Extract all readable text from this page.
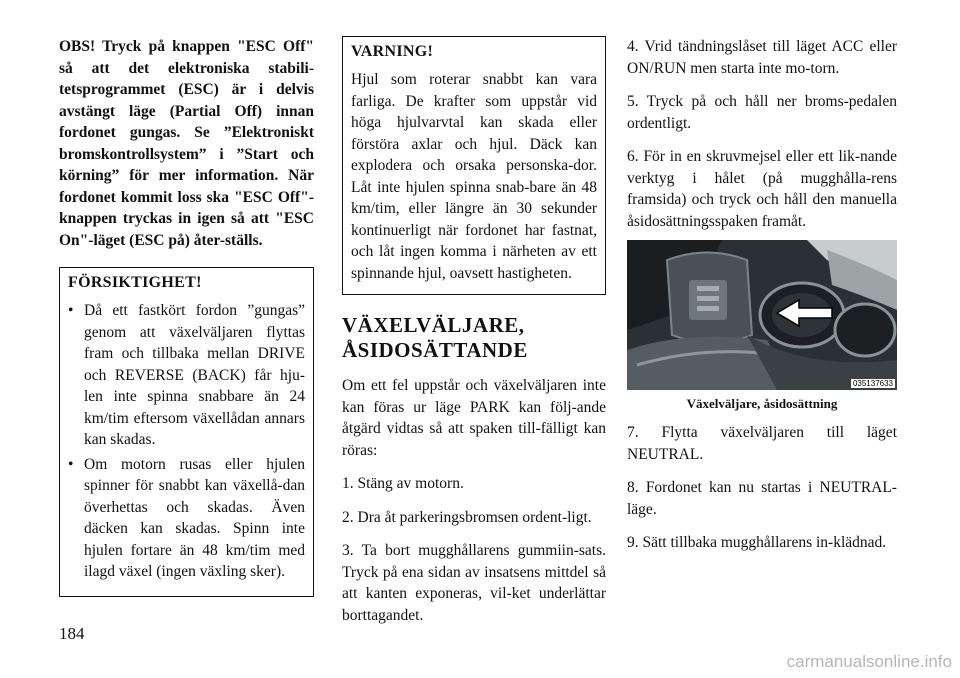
OBS! Tryck på knappen "ESC Off" så att det elektroniska stabili-tetsprogrammet (ESC) är i delvis avstängt läge (Partial Off) innan fordonet gungas. Se ”Elektroniskt bromskontrollsystem” i ”Start och körning” för mer information. När fordonet kommit loss ska "ESC Off"-knappen tryckas in igen så att "ESC On"-läget (ESC på) åter-ställs.

FÖRSIKTIGHET!
• Då ett fastkört fordon ”gungas” genom att växelväljaren flyttas fram och tillbaka mellan DRIVE och REVERSE (BACK) får hju-len inte spinna snabbare än 24 km/tim eftersom växellådan annars kan skadas.
• Om motorn rusas eller hjulen spinner för snabbt kan växellå-dan överhettas och skadas. Även däcken kan skadas. Spinn inte hjulen fortare än 48 km/tim med ilagd växel (ingen växling sker).
VARNING!

Hjul som roterar snabbt kan vara farliga. De krafter som uppstår vid höga hjulvarvtal kan skada eller förstöra axlar och hjul. Däck kan explodera och orsaka personska-dor. Låt inte hjulen spinna snab-bare än 48 km/tim, eller längre än 30 sekunder kontinuerligt när fordonet har fastnat, och låt ingen komma i närheten av ett spinnande hjul, oavsett hastigheten.

VÄXELVÄLJARE,
ÅSIDOSÄTTANDE

Om ett fel uppstår och växelväljaren inte kan föras ur läge PARK kan följ-ande åtgärd vidtas så att spaken till-fälligt kan röras:

1. Stäng av motorn.

2. Dra åt parkeringsbromsen ordent-ligt.

3. Ta bort mugghållarens gummiin-sats. Tryck på ena sidan av insatsens mittdel så att kanten exponeras, vil-ket underlättar borttagandet.

4. Vrid tändningslåset till läget ACC eller ON/RUN men starta inte mo-torn.

5. Tryck på och håll ner broms-pedalen ordentligt.

6. För in en skruvmejsel eller ett lik-nande verktyg i hålet (på mugghålla-rens framsida) och tryck och håll den manuella åsidosättningsspaken framåt.

035137633
Växelväljare, åsidosättning

7. Flytta växelväljaren till läget NEUTRAL.

8. Fordonet kan nu startas i NEUTRAL-läge.

9. Sätt tillbaka mugghållarens in-klädnad.

184
carmanualsonline.info
